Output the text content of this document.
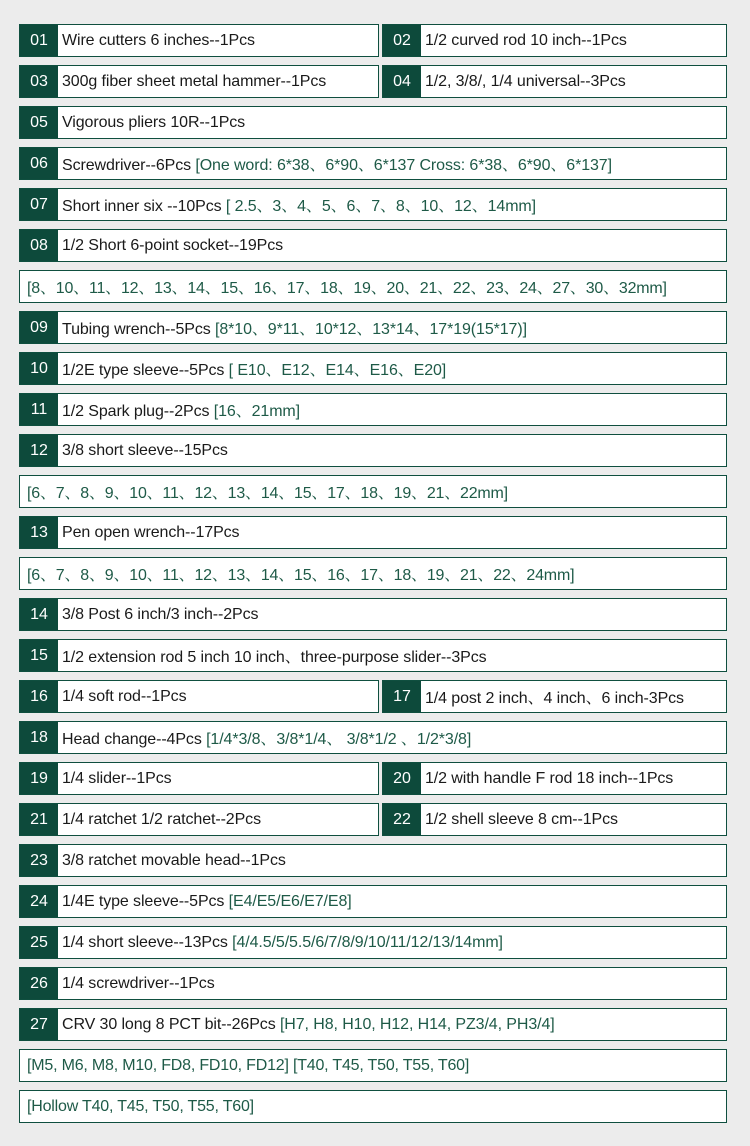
01 Wire cutters 6 inches--1Pcs	02 1/2 curved rod 10 inch--1Pcs
03 300g fiber sheet metal hammer--1Pcs	04 1/2, 3/8/, 1/4 universal--3Pcs
05 Vigorous pliers 10R--1Pcs
06 Screwdriver--6Pcs [One word: 6*38、6*90、6*137 Cross: 6*38、6*90、6*137]
07 Short inner six --10Pcs [ 2.5、3、4、5、6、7、8、10、12、14mm]
08 1/2 Short 6-point socket--19Pcs
[8、10、11、12、13、14、15、16、17、18、19、20、21、22、23、24、27、30、32mm]
09 Tubing wrench--5Pcs [8*10、9*11、10*12、13*14、17*19(15*17)]
10 1/2E type sleeve--5Pcs [ E10、E12、E14、E16、E20]
11 1/2 Spark plug--2Pcs [16、21mm]
12 3/8 short sleeve--15Pcs
[6、7、8、9、10、11、12、13、14、15、17、18、19、21、22mm]
13 Pen open wrench--17Pcs
[6、7、8、9、10、11、12、13、14、15、16、17、18、19、21、22、24mm]
14 3/8 Post 6 inch/3 inch--2Pcs
15 1/2 extension rod 5 inch 10 inch、three-purpose slider--3Pcs
16 1/4 soft rod--1Pcs	17 1/4 post 2 inch、4 inch、6 inch-3Pcs
18 Head change--4Pcs [1/4*3/8、3/8*1/4、 3/8*1/2 、1/2*3/8]
19 1/4 slider--1Pcs	20 1/2 with handle F rod 18 inch--1Pcs
21 1/4 ratchet 1/2 ratchet--2Pcs	22 1/2 shell sleeve 8 cm--1Pcs
23 3/8 ratchet movable head--1Pcs
24 1/4E type sleeve--5Pcs [E4/E5/E6/E7/E8]
25 1/4 short sleeve--13Pcs [4/4.5/5/5.5/6/7/8/9/10/11/12/13/14mm]
26 1/4 screwdriver--1Pcs
27 CRV 30 long 8 PCT bit--26Pcs [H7, H8, H10, H12, H14, PZ3/4, PH3/4]
[M5, M6, M8, M10, FD8, FD10, FD12] [T40, T45, T50, T55, T60]
[Hollow T40, T45, T50, T55, T60]
